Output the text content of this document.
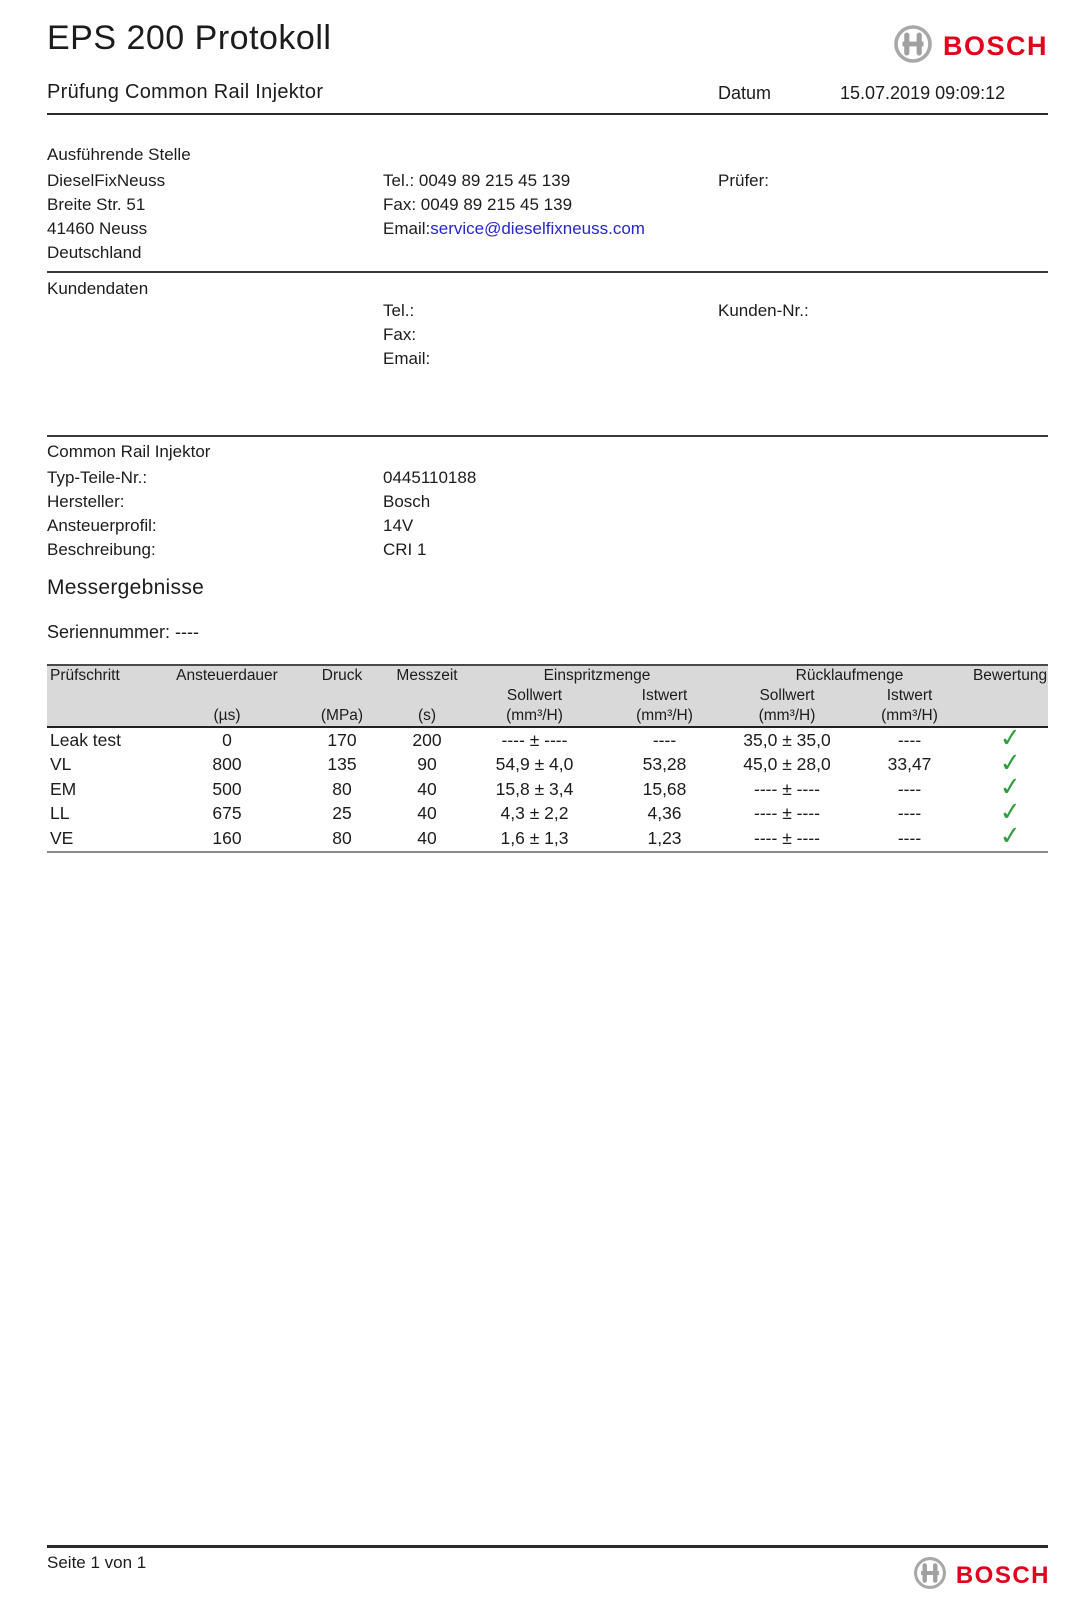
EPS 200 Protokoll	BOSCH
Prüfung Common Rail Injektor	Datum	15.07.2019 09:09:12
Ausführende Stelle
DieselFixNeuss
Breite Str. 51
41460 Neuss
Deutschland
Tel.: 0049 89 215 45 139
Fax: 0049 89 215 45 139
Email:service@dieselfixneuss.com
Prüfer:
Kundendaten
Tel.:
Fax:
Email:
Kunden-Nr.:
Common Rail Injektor
Typ-Teile-Nr.:	0445110188
Hersteller:	Bosch
Ansteuerprofil:	14V
Beschreibung:	CRI 1
Messergebnisse
Seriennummer: ----
Prüfschritt	Ansteuerdauer	Druck	Messzeit	Einspritzmenge		Rücklaufmenge		Bewertung
				Sollwert	Istwert	Sollwert	Istwert	
	(µs)	(MPa)	(s)	(mm³/H)	(mm³/H)	(mm³/H)	(mm³/H)	
Leak test	0	170	200	---- ± ----	----	35,0 ± 35,0	----	✓
VL	800	135	90	54,9 ± 4,0	53,28	45,0 ± 28,0	33,47	✓
EM	500	80	40	15,8 ± 3,4	15,68	---- ± ----	----	✓
LL	675	25	40	4,3 ± 2,2	4,36	---- ± ----	----	✓
VE	160	80	40	1,6 ± 1,3	1,23	---- ± ----	----	✓
Seite 1 von 1	BOSCH
